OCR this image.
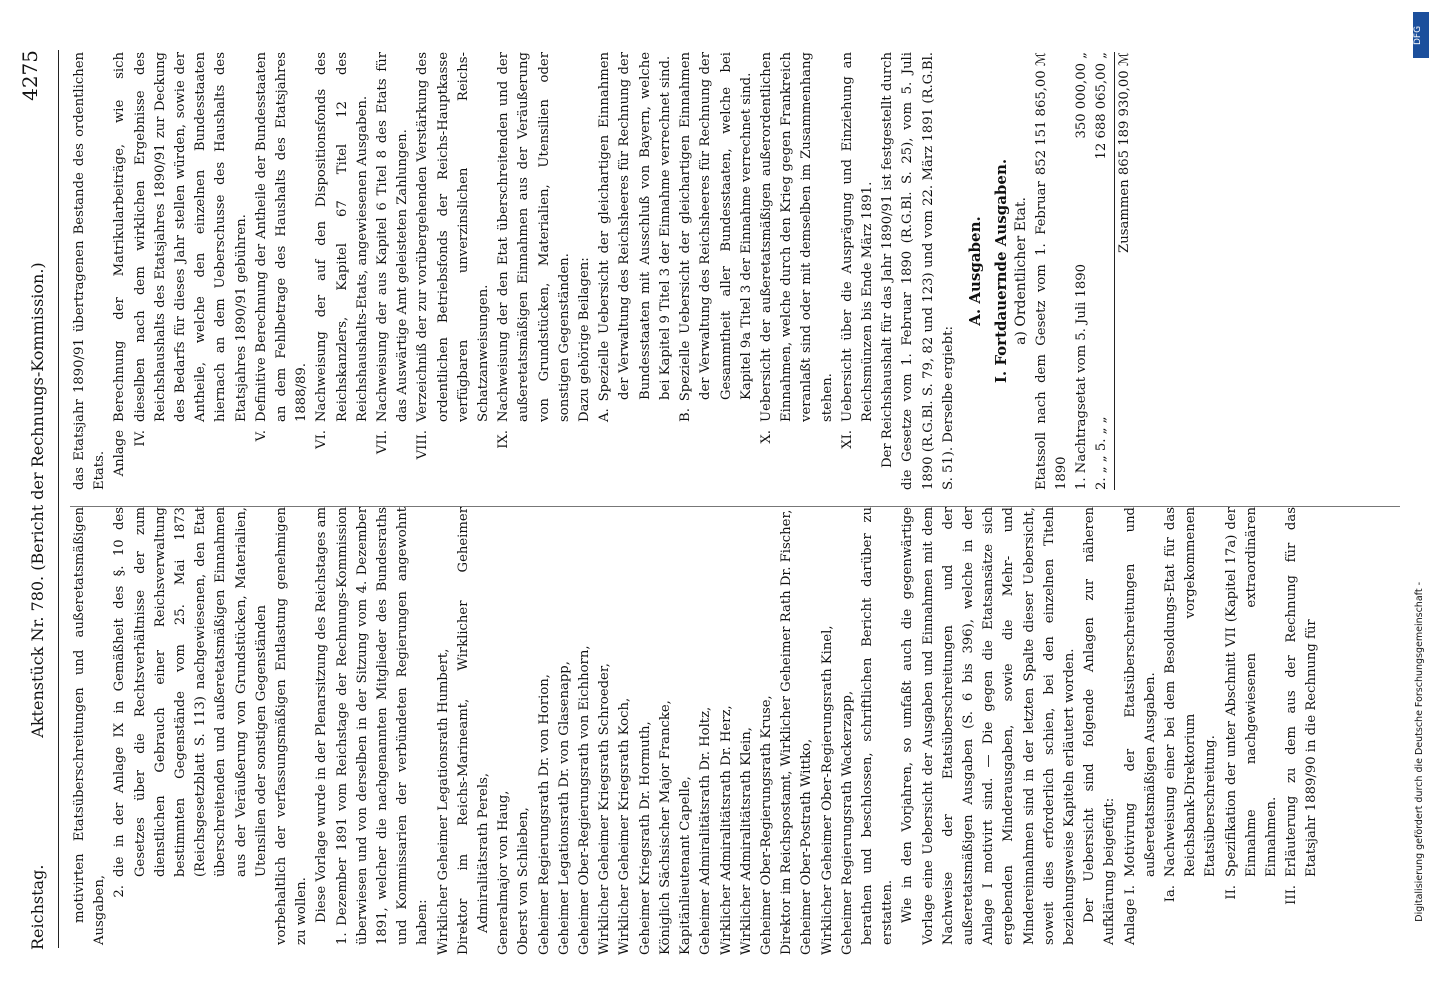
Reichstag.
Aktenstück Nr. 780. (Bericht der Rechnungs-Kommission.)
4275

motivirten Etatsüberschreitungen und außeretatsmäßigen Ausgaben, 2.
die in der Anlage IX in Gemäßheit des §. 10 des Gesetzes über die Rechtsverhältnisse der zum dienstlichen Gebrauch einer Reichsverwaltung bestimmten Gegenstände vom 25. Mai 1873 (Reichsgesetzblatt S. 113) nachgewiesenen, den Etat überschreitenden und außeretatsmäßigen Einnahmen aus der Veräußerung von Grundstücken, Materialien, Utensilien oder sonstigen Gegenständen vorbehaltlich der verfassungsmäßigen Entlastung genehmigen zu wollen. Diese Vorlage wurde in der Plenarsitzung des Reichstages am 1. Dezember 1891 vom Reichstage der Rechnungs-Kommission überwiesen und von derselben in der Sitzung vom 4. Dezember 1891, welcher die nachgenannten Mitglieder des Bundesraths und Kommissarien der verbündeten Regierungen angewohnt haben: Wirklicher Geheimer Legationsrath Humbert, Direktor im Reichs-Marineamt, Wirklicher Geheimer Admiralitätsrath Perels, Generalmajor von Haug, Oberst von Schlieben, Geheimer Regierungsrath Dr. von Horion, Geheimer Legationsrath Dr. von Glasenapp, Geheimer Ober-Regierungsrath von Eichhorn, Wirklicher Geheimer Kriegsrath Schroeder, Wirklicher Geheimer Kriegsrath Koch, Geheimer Kriegsrath Dr. Hormuth, Königlich Sächsischer Major Francke, Kapitänlieutenant Capelle, Geheimer Admiralitätsrath Dr. Holtz, Wirklicher Admiralitätsrath Dr. Herz, Wirklicher Admiralitätsrath Klein, Geheimer Ober-Regierungsrath Kruse, Direktor im Reichspostamt, Wirklicher Geheimer Rath Dr. Fischer, Geheimer Ober-Postrath Wittko, Wirklicher Geheimer Ober-Regierungsrath Kinel, Geheimer Regierungsrath Wackerzapp, berathen und beschlossen, schriftlichen Bericht darüber zu erstatten. Wie in den Vorjahren, so umfaßt auch die gegenwärtige Vorlage eine Uebersicht der Ausgaben und Einnahmen mit dem Nachweise der Etatsüberschreitungen und der außeretatsmäßigen Ausgaben (S. 6 bis 396), welche in der Anlage I motivirt sind. — Die gegen die Etatsansätze sich ergebenden Minderausgaben, sowie die Mehr- und Mindereinnahmen sind in der letzten Spalte dieser Uebersicht, soweit dies erforderlich schien, bei den einzelnen Titeln beziehungsweise Kapiteln erläutert worden. Der Uebersicht sind folgende Anlagen zur näheren Aufklärung beigefügt: Anlage I.
Motivirung der Etatsüberschreitungen und außeretatsmäßigen Ausgaben.
Ia.
Nachweisung einer bei dem Besoldungs-Etat für das Reichsbank-Direktorium vorgekommenen Etatsüberschreitung.
II.
Spezifikation der unter Abschnitt VII (Kapitel 17a) der Einnahme nachgewiesenen extraordinären Einnahmen.
III.
Erläuterung zu dem aus der Rechnung für das Etatsjahr 1889/90 in die Rechnung für

das Etatsjahr 1890/91 übertragenen Bestande des ordentlichen Etats. Anlage IV.
Berechnung der Matrikularbeiträge, wie sich dieselben nach dem wirklichen Ergebnisse des Reichshaushalts des Etatsjahres 1890/91 zur Deckung des Bedarfs für dieses Jahr stellen würden, sowie der Antheile, welche den einzelnen Bundesstaaten hiernach an dem Ueberschusse des Haushalts des Etatsjahres 1890/91 gebühren.
V.
Definitive Berechnung der Antheile der Bundesstaaten an dem Fehlbetrage des Haushalts des Etatsjahres 1888/89.
VI.
Nachweisung der auf den Dispositionsfonds des Reichskanzlers, Kapitel 67 Titel 12 des Reichshaushalts-Etats, angewiesenen Ausgaben.
VII.
Nachweisung der aus Kapitel 6 Titel 8 des Etats für das Auswärtige Amt geleisteten Zahlungen.
VIII.
Verzeichniß der zur vorübergehenden Verstärkung des ordentlichen Betriebsfonds der Reichs-Hauptkasse verfügbaren unverzinslichen Reichs-Schatzanweisungen.
IX.
Nachweisung der den Etat überschreitenden und der außeretatsmäßigen Einnahmen aus der Veräußerung von Grundstücken, Materialien, Utensilien oder sonstigen Gegenständen. Dazu gehörige Beilagen: A. Spezielle Uebersicht der gleichartigen Einnahmen der Verwaltung des Reichsheeres für Rechnung der Bundesstaaten mit Ausschluß von Bayern, welche bei Kapitel 9 Titel 3 der Einnahme verrechnet sind. B. Spezielle Uebersicht der gleichartigen Einnahmen der Verwaltung des Reichsheeres für Rechnung der Gesammtheit aller Bundesstaaten, welche bei Kapitel 9a Titel 3 der Einnahme verrechnet sind.

X.
Uebersicht der außeretatsmäßigen außerordentlichen Einnahmen, welche durch den Krieg gegen Frankreich veranlaßt sind oder mit demselben im Zusammenhang stehen.
XI.
Uebersicht über die Ausprägung und Einziehung an Reichsmünzen bis Ende März 1891. Der Reichshaushalt für das Jahr 1890/91 ist festgestellt durch die Gesetze vom 1. Februar 1890 (R.G.Bl. S. 25), vom 5. Juli 1890 (R.G.Bl. S. 79, 82 und 123) und vom 22. März 1891 (R.G.Bl. S. 51). Derselbe ergiebt:

A. Ausgaben. I. Fortdauernde Ausgaben. a) Ordentlicher Etat. Etatssoll nach dem Gesetz vom 1. Februar 1890
852 151 865,00 ℳ
1. Nachtragsetat vom 5. Juli 1890
350 000,00 „
2. „ „ 5. „ „
12 688 065,00 „ Zusammen 865 189 930,00 ℳ
DFG
Digitalisierung gefördert durch die Deutsche Forschungsgemeinschaft -
